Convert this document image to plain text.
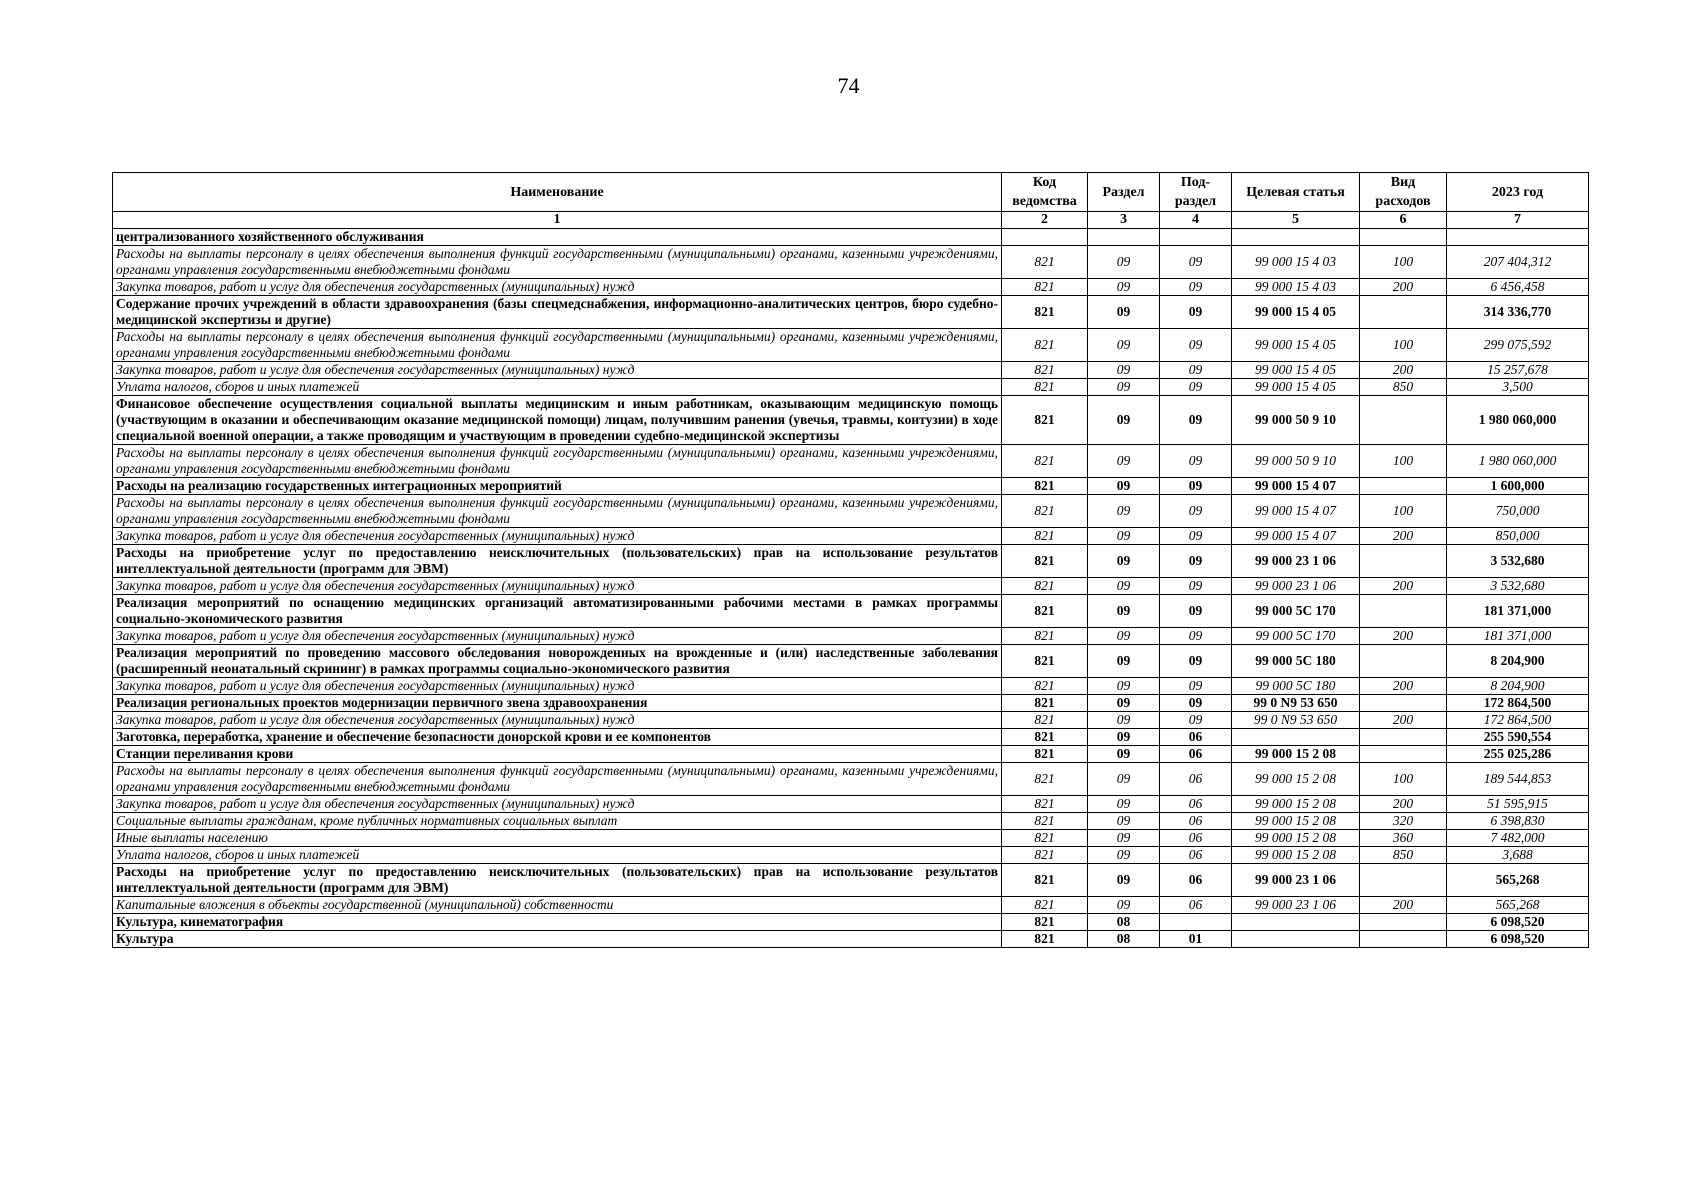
74
Наименование	Код ведомства	Раздел	Под- раздел	Целевая статья	Вид расходов	2023 год
1	2	3	4	5	6	7
централизованного хозяйственного обслуживания						
Расходы на выплаты персоналу в целях обеспечения выполнения функций государственными (муниципальными) органами, казенными учреждениями, органами управления государственными внебюджетными фондами	821	09	09	99 000 15 4 03	100	207 404,312
Закупка товаров, работ и услуг для обеспечения государственных (муниципальных) нужд	821	09	09	99 000 15 4 03	200	6 456,458
Содержание прочих учреждений в области здравоохранения (базы спецмедснабжения, информационно-аналитических центров, бюро судебно-медицинской экспертизы и другие)	821	09	09	99 000 15 4 05		314 336,770
Расходы на выплаты персоналу в целях обеспечения выполнения функций государственными (муниципальными) органами, казенными учреждениями, органами управления государственными внебюджетными фондами	821	09	09	99 000 15 4 05	100	299 075,592
Закупка товаров, работ и услуг для обеспечения государственных (муниципальных) нужд	821	09	09	99 000 15 4 05	200	15 257,678
Уплата налогов, сборов и иных платежей	821	09	09	99 000 15 4 05	850	3,500
Финансовое обеспечение осуществления социальной выплаты медицинским и иным работникам, оказывающим медицинскую помощь (участвующим в оказании и обеспечивающим оказание медицинской помощи) лицам, получившим ранения (увечья, травмы, контузии) в ходе специальной военной операции, а также проводящим и участвующим в проведении судебно-медицинской экспертизы	821	09	09	99 000 50 9 10		1 980 060,000
Расходы на выплаты персоналу в целях обеспечения выполнения функций государственными (муниципальными) органами, казенными учреждениями, органами управления государственными внебюджетными фондами	821	09	09	99 000 50 9 10	100	1 980 060,000
Расходы на реализацию государственных интеграционных мероприятий	821	09	09	99 000 15 4 07		1 600,000
Расходы на выплаты персоналу в целях обеспечения выполнения функций государственными (муниципальными) органами, казенными учреждениями, органами управления государственными внебюджетными фондами	821	09	09	99 000 15 4 07	100	750,000
Закупка товаров, работ и услуг для обеспечения государственных (муниципальных) нужд	821	09	09	99 000 15 4 07	200	850,000
Расходы на приобретение услуг по предоставлению неисключительных (пользовательских) прав на использование результатов интеллектуальной деятельности (программ для ЭВМ)	821	09	09	99 000 23 1 06		3 532,680
Закупка товаров, работ и услуг для обеспечения государственных (муниципальных) нужд	821	09	09	99 000 23 1 06	200	3 532,680
Реализация мероприятий по оснащению медицинских организаций автоматизированными рабочими местами в рамках программы социально-экономического развития	821	09	09	99 000 5C 170		181 371,000
Закупка товаров, работ и услуг для обеспечения государственных (муниципальных) нужд	821	09	09	99 000 5C 170	200	181 371,000
Реализация мероприятий по проведению массового обследования новорожденных на врожденные и (или) наследственные заболевания (расширенный неонатальный скрининг) в рамках программы социально-экономического развития	821	09	09	99 000 5C 180		8 204,900
Закупка товаров, работ и услуг для обеспечения государственных (муниципальных) нужд	821	09	09	99 000 5C 180	200	8 204,900
Реализация региональных проектов модернизации первичного звена здравоохранения	821	09	09	99 0 N9 53 650		172 864,500
Закупка товаров, работ и услуг для обеспечения государственных (муниципальных) нужд	821	09	09	99 0 N9 53 650	200	172 864,500
Заготовка, переработка, хранение и обеспечение безопасности донорской крови и ее компонентов	821	09	06			255 590,554
Станции переливания крови	821	09	06	99 000 15 2 08		255 025,286
Расходы на выплаты персоналу в целях обеспечения выполнения функций государственными (муниципальными) органами, казенными учреждениями, органами управления государственными внебюджетными фондами	821	09	06	99 000 15 2 08	100	189 544,853
Закупка товаров, работ и услуг для обеспечения государственных (муниципальных) нужд	821	09	06	99 000 15 2 08	200	51 595,915
Социальные выплаты гражданам, кроме публичных нормативных социальных выплат	821	09	06	99 000 15 2 08	320	6 398,830
Иные выплаты населению	821	09	06	99 000 15 2 08	360	7 482,000
Уплата налогов, сборов и иных платежей	821	09	06	99 000 15 2 08	850	3,688
Расходы на приобретение услуг по предоставлению неисключительных (пользовательских) прав на использование результатов интеллектуальной деятельности (программ для ЭВМ)	821	09	06	99 000 23 1 06		565,268
Капитальные вложения в объекты государственной (муниципальной) собственности	821	09	06	99 000 23 1 06	200	565,268
Культура, кинематография	821	08				6 098,520
Культура	821	08	01			6 098,520
